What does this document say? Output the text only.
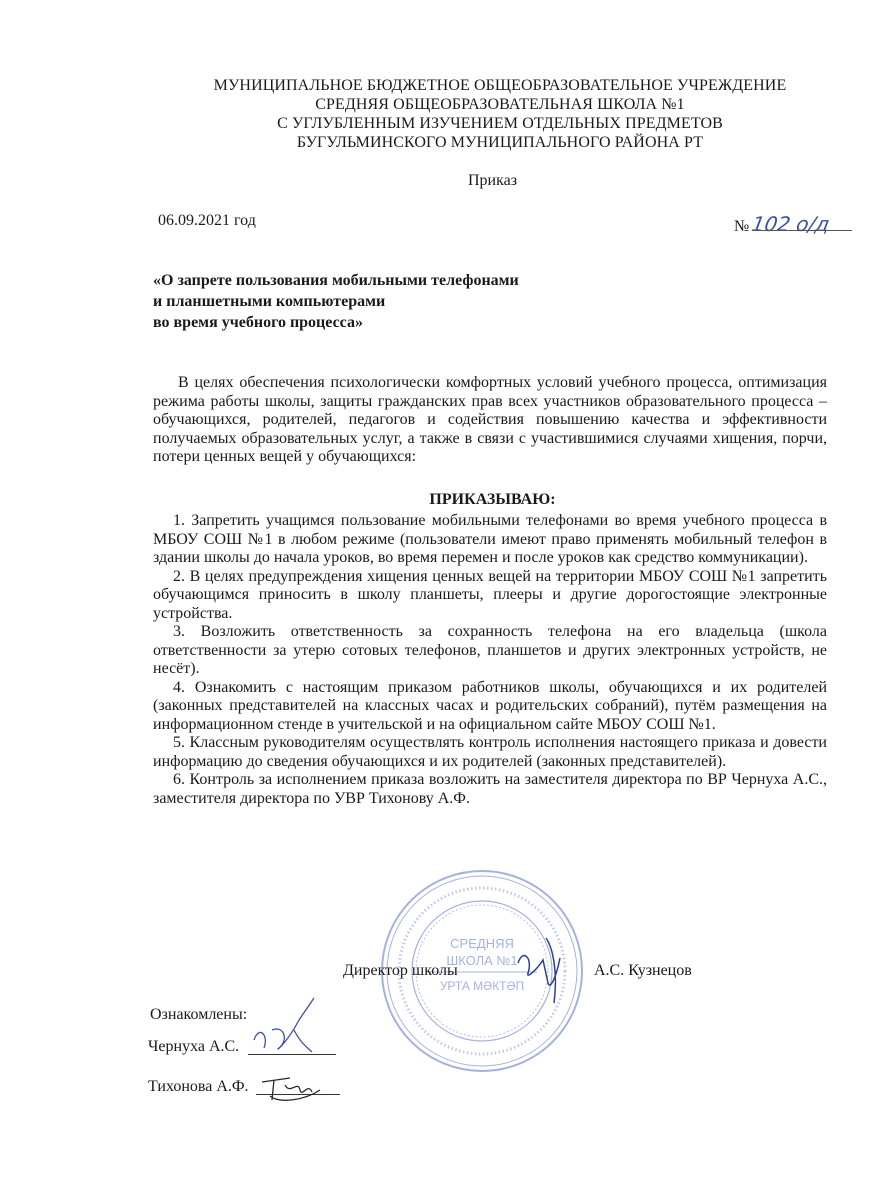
МУНИЦИПАЛЬНОЕ БЮДЖЕТНОЕ ОБЩЕОБРАЗОВАТЕЛЬНОЕ УЧРЕЖДЕНИЕ
СРЕДНЯЯ ОБЩЕОБРАЗОВАТЕЛЬНАЯ ШКОЛА №1
С УГЛУБЛЕННЫМ ИЗУЧЕНИЕМ ОТДЕЛЬНЫХ ПРЕДМЕТОВ
БУГУЛЬМИНСКОГО МУНИЦИПАЛЬНОГО РАЙОНА РТ
Приказ
06.09.2021 год	№102 о/д
«О запрете пользования мобильными телефонами
и планшетными компьютерами
во время учебного процесса»

В целях обеспечения психологически комфортных условий учебного процесса, оптимизация режима работы школы, защиты гражданских прав всех участников образовательного процесса – обучающихся, родителей, педагогов и содействия повышению качества и эффективности получаемых образовательных услуг, а также в связи с участившимися случаями хищения, порчи, потери ценных вещей у обучающихся:

ПРИКАЗЫВАЮ:

1. Запретить учащимся пользование мобильными телефонами во время учебного процесса в МБОУ СОШ №1 в любом режиме (пользователи имеют право применять мобильный телефон в здании школы до начала уроков, во время перемен и после уроков как средство коммуникации).

2. В целях предупреждения хищения ценных вещей на территории МБОУ СОШ №1 запретить обучающимся приносить в школу планшеты, плееры и другие дорогостоящие электронные устройства.

3. Возложить ответственность за сохранность телефона на его владельца (школа ответственности за утерю сотовых телефонов, планшетов и других электронных устройств, не несёт).

4. Ознакомить с настоящим приказом работников школы, обучающихся и их родителей (законных представителей на классных часах и родительских собраний), путём размещения на информационном стенде в учительской и на официальном сайте МБОУ СОШ №1.

5. Классным руководителям осуществлять контроль исполнения настоящего приказа и довести информацию до сведения обучающихся и их родителей (законных представителей).

6. Контроль за исполнением приказа возложить на заместителя директора по ВР Чернуха А.С., заместителя директора по УВР Тихонову А.Ф.

СРЕДНЯЯ
ШКОЛА №1
УРТА МӘКТӘП
Директор школы	А.С. Кузнецов
Ознакомлены:
Чернуха А.С.
Тихонова А.Ф.
